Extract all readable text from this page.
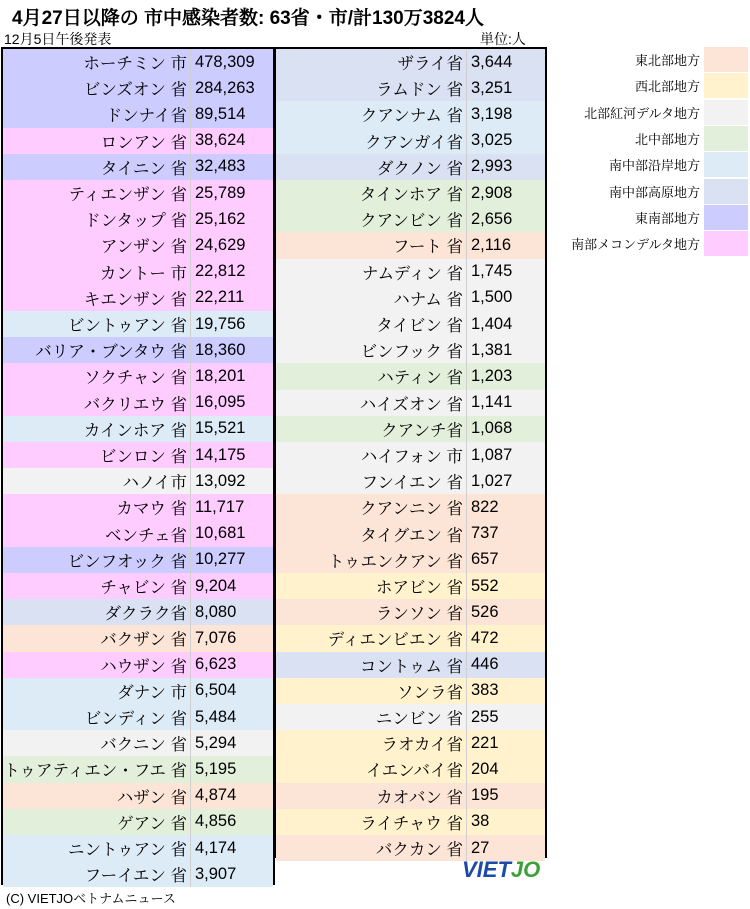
4月27日以降の 市中感染者数: 63省・市/計130万3824人
12月5日午後発表	単位:人
ホーチミン 市 478,309
ビンズオン 省 284,263
ドンナイ省 89,514
ロンアン 省 38,624
タイニン 省 32,483
ティエンザン 省 25,789
ドンタップ 省 25,162
アンザン 省 24,629
カントー 市 22,812
キエンザン 省 22,211
ビントゥアン 省 19,756
バリア・ブンタウ 省 18,360
ソクチャン 省 18,201
バクリエウ 省 16,095
カインホア 省 15,521
ビンロン 省 14,175
ハノイ市 13,092
カマウ 省 11,717
ベンチェ省 10,681
ビンフオック 省 10,277
チャビン 省 9,204
ダクラク省 8,080
バクザン 省 7,076
ハウザン 省 6,623
ダナン 市 6,504
ビンディン 省 5,484
バクニン 省 5,294
トゥアティエン・フエ 省 5,195
ハザン 省 4,874
ゲアン 省 4,856
ニントゥアン 省 4,174
フーイエン 省 3,907
ザライ省 3,644
ラムドン 省 3,251
クアンナム 省 3,198
クアンガイ省 3,025
ダクノン 省 2,993
タインホア 省 2,908
クアンビン 省 2,656
フート 省 2,116
ナムディン 省 1,745
ハナム 省 1,500
タイビン 省 1,404
ビンフック 省 1,381
ハティン 省 1,203
ハイズオン 省 1,141
クアンチ省 1,068
ハイフォン 市 1,087
フンイエン 省 1,027
クアンニン 省 822
タイグエン 省 737
トゥエンクアン 省 657
ホアビン 省 552
ランソン 省 526
ディエンビエン 省 472
コントゥム 省 446
ソンラ省 383
ニンビン 省 255
ラオカイ省 221
イエンバイ省 204
カオバン 省 195
ライチャウ 省 38
バクカン 省 27
東北部地方
西北部地方
北部紅河デルタ地方
北中部地方
南中部沿岸地方
南中部高原地方
東南部地方
南部メコンデルタ地方
(C) VIETJOベトナムニュース
VIETJO
